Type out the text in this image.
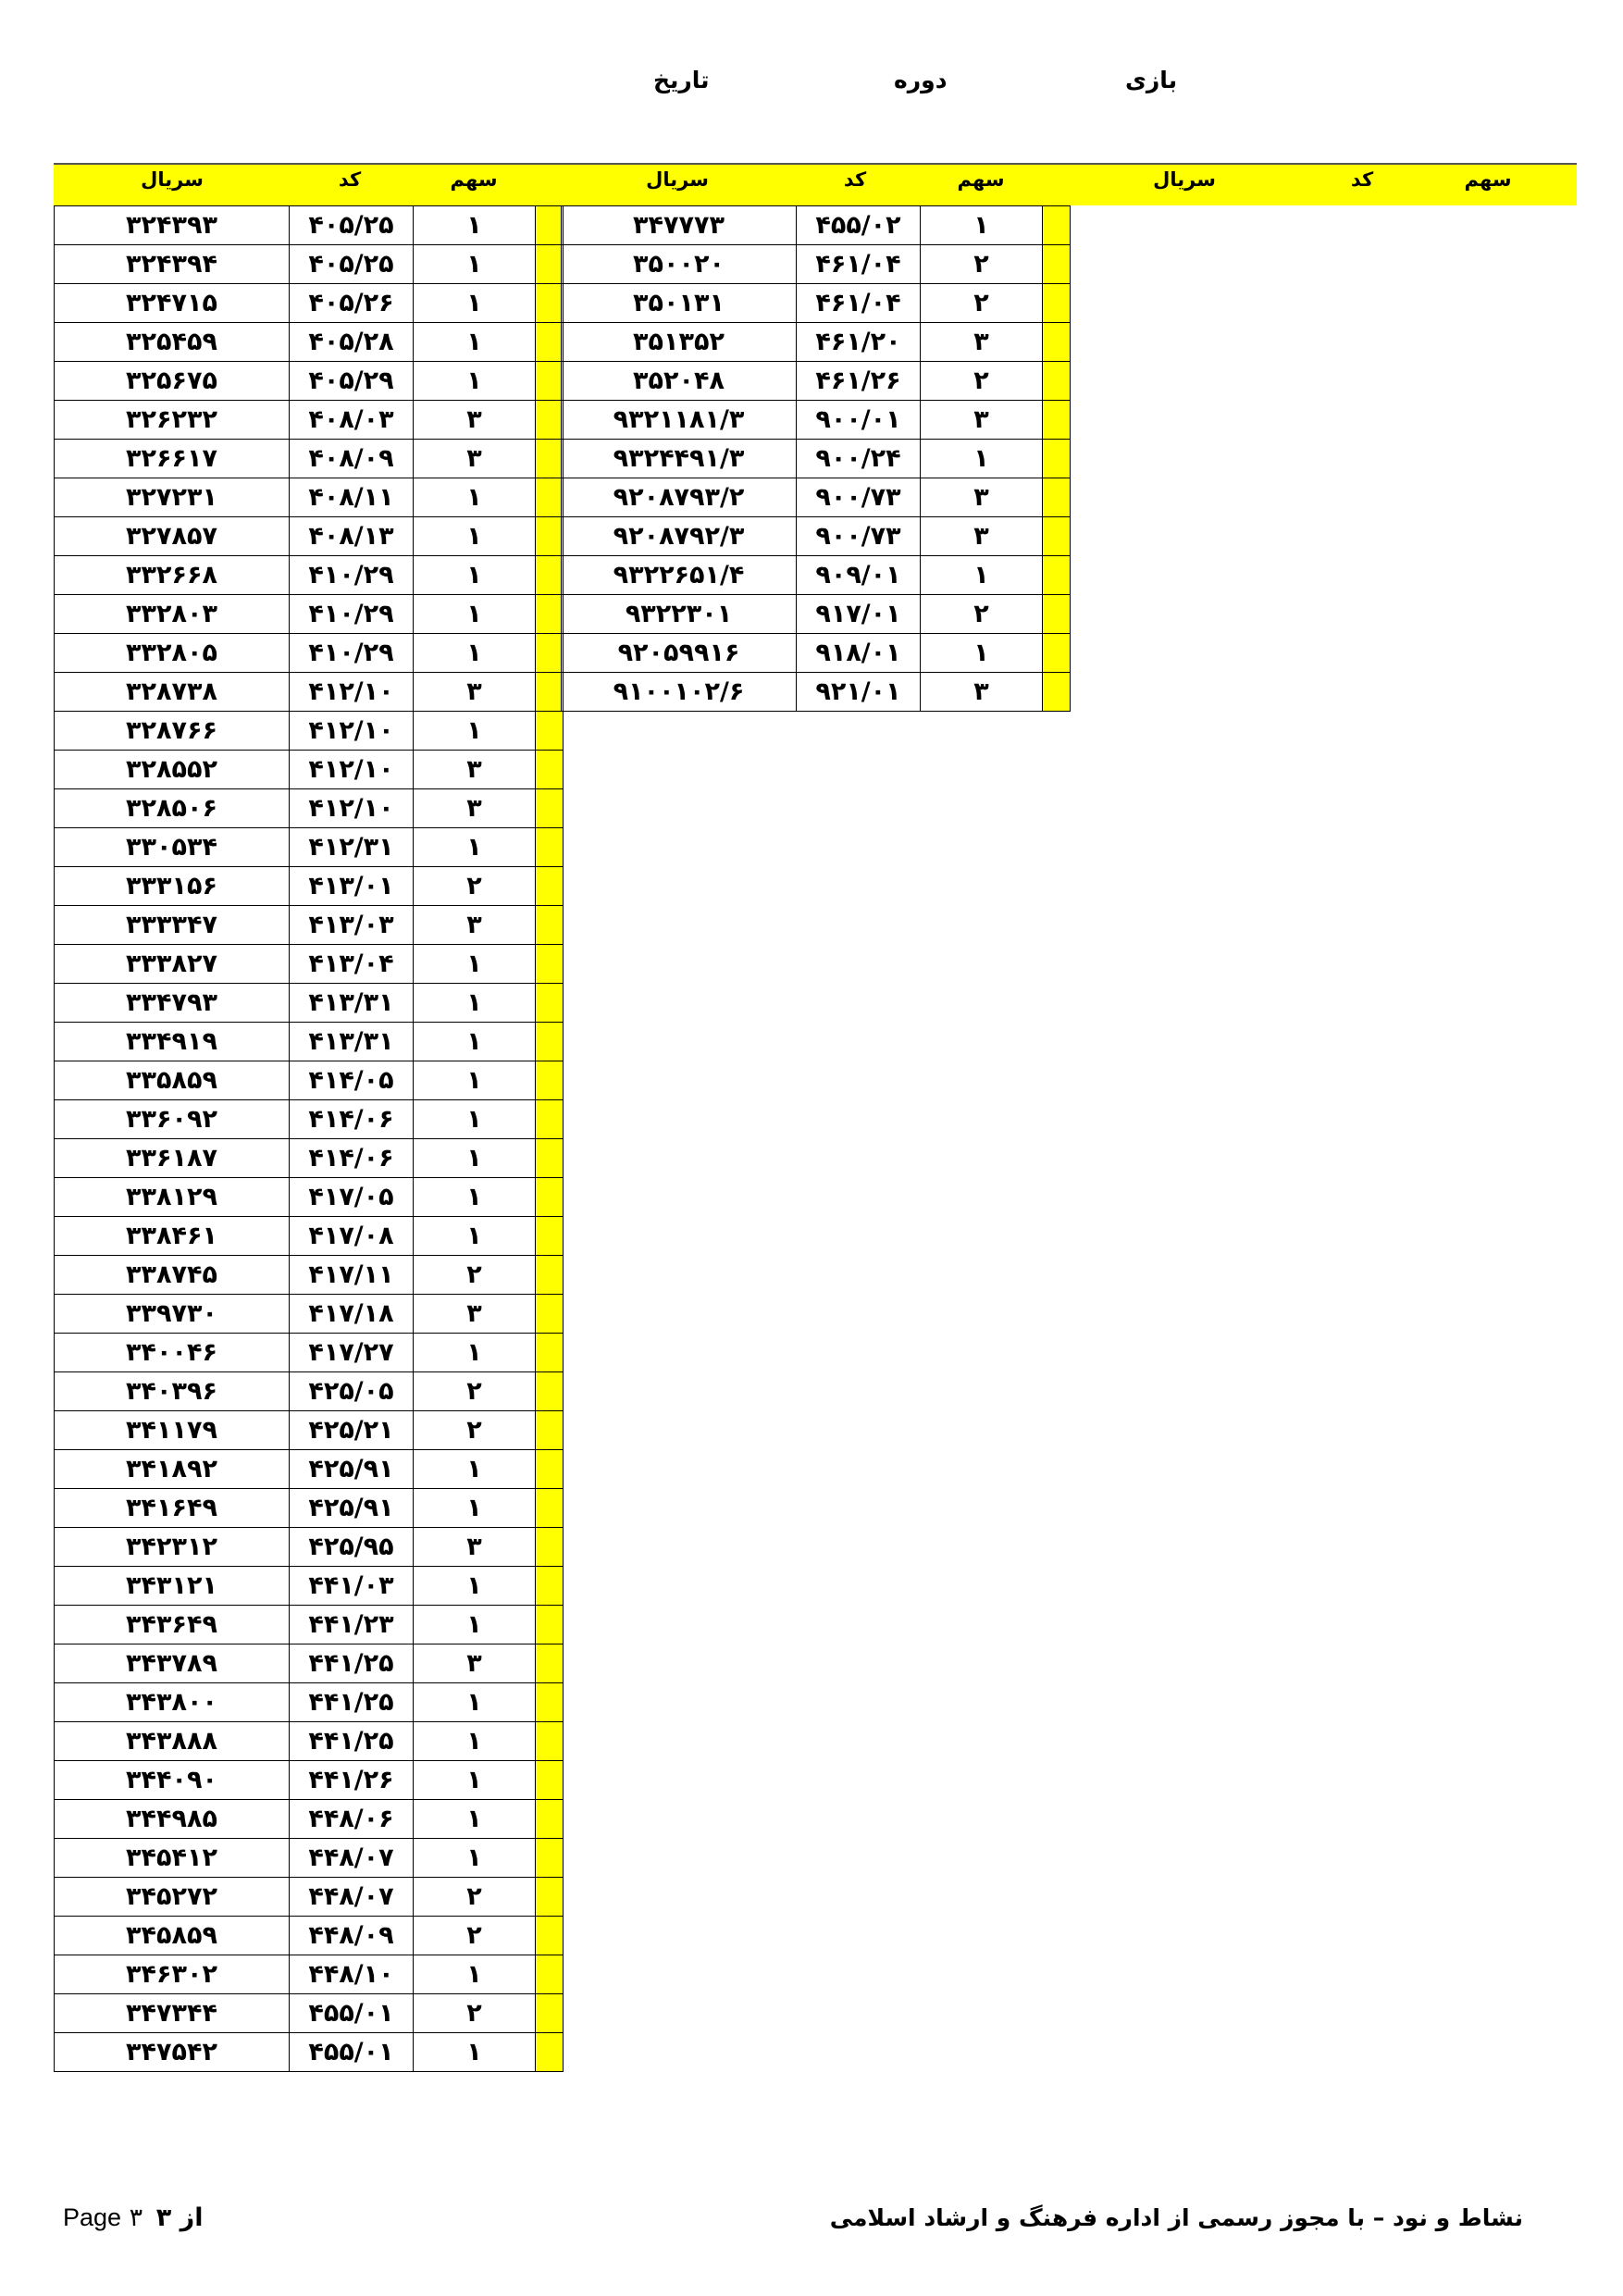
بازی
دوره
تاریخ
سریال	کد	سهم	سریال	کد	سهم	سریال	کد	سهم
۳۲۴۳۹۳	۴۰۵/۲۵	۱	
۳۲۴۳۹۴	۴۰۵/۲۵	۱	
۳۲۴۷۱۵	۴۰۵/۲۶	۱	
۳۲۵۴۵۹	۴۰۵/۲۸	۱	
۳۲۵۶۷۵	۴۰۵/۲۹	۱	
۳۲۶۲۳۲	۴۰۸/۰۳	۳	
۳۲۶۶۱۷	۴۰۸/۰۹	۳	
۳۲۷۲۳۱	۴۰۸/۱۱	۱	
۳۲۷۸۵۷	۴۰۸/۱۳	۱	
۳۳۲۶۶۸	۴۱۰/۲۹	۱	
۳۳۲۸۰۳	۴۱۰/۲۹	۱	
۳۳۲۸۰۵	۴۱۰/۲۹	۱	
۳۲۸۷۳۸	۴۱۲/۱۰	۳	
۳۲۸۷۶۶	۴۱۲/۱۰	۱	
۳۲۸۵۵۲	۴۱۲/۱۰	۳	
۳۲۸۵۰۶	۴۱۲/۱۰	۳	
۳۳۰۵۳۴	۴۱۲/۳۱	۱	
۳۳۳۱۵۶	۴۱۳/۰۱	۲	
۳۳۳۳۴۷	۴۱۳/۰۳	۳	
۳۳۳۸۲۷	۴۱۳/۰۴	۱	
۳۳۴۷۹۳	۴۱۳/۳۱	۱	
۳۳۴۹۱۹	۴۱۳/۳۱	۱	
۳۳۵۸۵۹	۴۱۴/۰۵	۱	
۳۳۶۰۹۲	۴۱۴/۰۶	۱	
۳۳۶۱۸۷	۴۱۴/۰۶	۱	
۳۳۸۱۲۹	۴۱۷/۰۵	۱	
۳۳۸۴۶۱	۴۱۷/۰۸	۱	
۳۳۸۷۴۵	۴۱۷/۱۱	۲	
۳۳۹۷۳۰	۴۱۷/۱۸	۳	
۳۴۰۰۴۶	۴۱۷/۲۷	۱	
۳۴۰۳۹۶	۴۲۵/۰۵	۲	
۳۴۱۱۷۹	۴۲۵/۲۱	۲	
۳۴۱۸۹۲	۴۲۵/۹۱	۱	
۳۴۱۶۴۹	۴۲۵/۹۱	۱	
۳۴۲۳۱۲	۴۲۵/۹۵	۳	
۳۴۳۱۲۱	۴۴۱/۰۳	۱	
۳۴۳۶۴۹	۴۴۱/۲۳	۱	
۳۴۳۷۸۹	۴۴۱/۲۵	۳	
۳۴۳۸۰۰	۴۴۱/۲۵	۱	
۳۴۳۸۸۸	۴۴۱/۲۵	۱	
۳۴۴۰۹۰	۴۴۱/۲۶	۱	
۳۴۴۹۸۵	۴۴۸/۰۶	۱	
۳۴۵۴۱۲	۴۴۸/۰۷	۱	
۳۴۵۲۷۲	۴۴۸/۰۷	۲	
۳۴۵۸۵۹	۴۴۸/۰۹	۲	
۳۴۶۳۰۲	۴۴۸/۱۰	۱	
۳۴۷۳۴۴	۴۵۵/۰۱	۲	
۳۴۷۵۴۲	۴۵۵/۰۱	۱	
۳۴۷۷۷۳	۴۵۵/۰۲	۱	
۳۵۰۰۲۰	۴۶۱/۰۴	۲	
۳۵۰۱۳۱	۴۶۱/۰۴	۲	
۳۵۱۳۵۲	۴۶۱/۲۰	۳	
۳۵۲۰۴۸	۴۶۱/۲۶	۲	
۹۳۲۱۱۸۱/۳	۹۰۰/۰۱	۳	
۹۳۲۴۴۹۱/۳	۹۰۰/۲۴	۱	
۹۲۰۸۷۹۳/۲	۹۰۰/۷۳	۳	
۹۲۰۸۷۹۲/۳	۹۰۰/۷۳	۳	
۹۳۲۲۶۵۱/۴	۹۰۹/۰۱	۱	
۹۳۲۲۳۰۱	۹۱۷/۰۱	۲	
۹۲۰۵۹۹۱۶	۹۱۸/۰۱	۱	
۹۱۰۰۱۰۲/۶	۹۲۱/۰۱	۳	
نشاط و نود – با مجوز رسمی از اداره فرهنگ و ارشاد اسلامی
Page ۳ از ۳
